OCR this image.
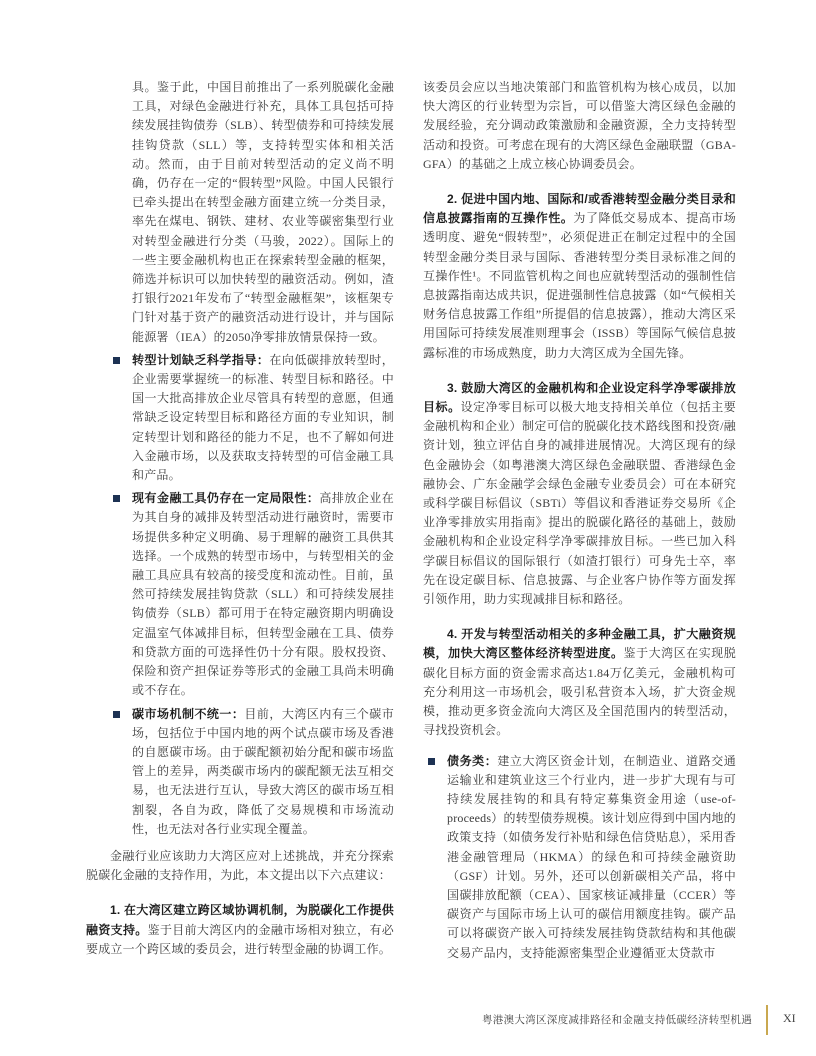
具。鉴于此，中国目前推出了一系列脱碳化金融工具，对绿色金融进行补充，具体工具包括可持续发展挂钩债券（SLB）、转型债券和可持续发展挂钩贷款（SLL）等，支持转型实体和相关活动。然而，由于目前对转型活动的定义尚不明确，仍存在一定的“假转型”风险。中国人民银行已牵头提出在转型金融方面建立统一分类目录，率先在煤电、钢铁、建材、农业等碳密集型行业对转型金融进行分类（马骏，2022）。国际上的一些主要金融机构也正在探索转型金融的框架，筛选并标识可以加快转型的融资活动。例如，渣打银行2021年发布了“转型金融框架”，该框架专门针对基于资产的融资活动进行设计，并与国际能源署（IEA）的2050净零排放情景保持一致。

转型计划缺乏科学指导：在向低碳排放转型时，企业需要掌握统一的标准、转型目标和路径。中国一大批高排放企业尽管具有转型的意愿，但通常缺乏设定转型目标和路径方面的专业知识，制定转型计划和路径的能力不足，也不了解如何进入金融市场，以及获取支持转型的可信金融工具和产品。

现有金融工具仍存在一定局限性：高排放企业在为其自身的减排及转型活动进行融资时，需要市场提供多种定义明确、易于理解的融资工具供其选择。一个成熟的转型市场中，与转型相关的金融工具应具有较高的接受度和流动性。目前，虽然可持续发展挂钩贷款（SLL）和可持续发展挂钩债券（SLB）都可用于在特定融资期内明确设定温室气体减排目标，但转型金融在工具、债券和贷款方面的可选择性仍十分有限。股权投资、保险和资产担保证券等形式的金融工具尚未明确或不存在。

碳市场机制不统一：目前，大湾区内有三个碳市场，包括位于中国内地的两个试点碳市场及香港的自愿碳市场。由于碳配额初始分配和碳市场监管上的差异，两类碳市场内的碳配额无法互相交易，也无法进行互认，导致大湾区的碳市场互相割裂，各自为政，降低了交易规模和市场流动性，也无法对各行业实现全覆盖。

金融行业应该助力大湾区应对上述挑战，并充分探索脱碳化金融的支持作用，为此，本文提出以下六点建议：

1. 在大湾区建立跨区域协调机制，为脱碳化工作提供融资支持。鉴于目前大湾区内的金融市场相对独立，有必要成立一个跨区域的委员会，进行转型金融的协调工作。

该委员会应以当地决策部门和监管机构为核心成员，以加快大湾区的行业转型为宗旨，可以借鉴大湾区绿色金融的发展经验，充分调动政策激励和金融资源，全力支持转型活动和投资。可考虑在现有的大湾区绿色金融联盟（GBA-GFA）的基础之上成立核心协调委员会。

2. 促进中国内地、国际和/或香港转型金融分类目录和信息披露指南的互操作性。为了降低交易成本、提高市场透明度、避免“假转型”，必须促进正在制定过程中的全国转型金融分类目录与国际、香港转型分类目录标准之间的互操作性¹。不同监管机构之间也应就转型活动的强制性信息披露指南达成共识，促进强制性信息披露（如“气候相关财务信息披露工作组”所提倡的信息披露），推动大湾区采用国际可持续发展准则理事会（ISSB）等国际气候信息披露标准的市场成熟度，助力大湾区成为全国先锋。

3. 鼓励大湾区的金融机构和企业设定科学净零碳排放目标。设定净零目标可以极大地支持相关单位（包括主要金融机构和企业）制定可信的脱碳化技术路线图和投资/融资计划，独立评估自身的减排进展情况。大湾区现有的绿色金融协会（如粤港澳大湾区绿色金融联盟、香港绿色金融协会、广东金融学会绿色金融专业委员会）可在本研究或科学碳目标倡议（SBTi）等倡议和香港证券交易所《企业净零排放实用指南》提出的脱碳化路径的基础上，鼓励金融机构和企业设定科学净零碳排放目标。一些已加入科学碳目标倡议的国际银行（如渣打银行）可身先士卒，率先在设定碳目标、信息披露、与企业客户协作等方面发挥引领作用，助力实现减排目标和路径。

4. 开发与转型活动相关的多种金融工具，扩大融资规模，加快大湾区整体经济转型进度。鉴于大湾区在实现脱碳化目标方面的资金需求高达1.84万亿美元，金融机构可充分利用这一市场机会，吸引私营资本入场，扩大资金规模，推动更多资金流向大湾区及全国范围内的转型活动，寻找投资机会。

债务类：建立大湾区资金计划，在制造业、道路交通运输业和建筑业这三个行业内，进一步扩大现有与可持续发展挂钩的和具有特定募集资金用途（use-of-proceeds）的转型债券规模。该计划应得到中国内地的政策支持（如债务发行补贴和绿色信贷贴息），采用香港金融管理局（HKMA）的绿色和可持续金融资助（GSF）计划。另外，还可以创新碳相关产品，将中国碳排放配额（CEA）、国家核证减排量（CCER）等碳资产与国际市场上认可的碳信用额度挂钩。碳产品可以将碳资产嵌入可持续发展挂钩贷款结构和其他碳交易产品内，支持能源密集型企业遵循亚太贷款市

粤港澳大湾区深度减排路径和金融支持低碳经济转型机遇	XI
